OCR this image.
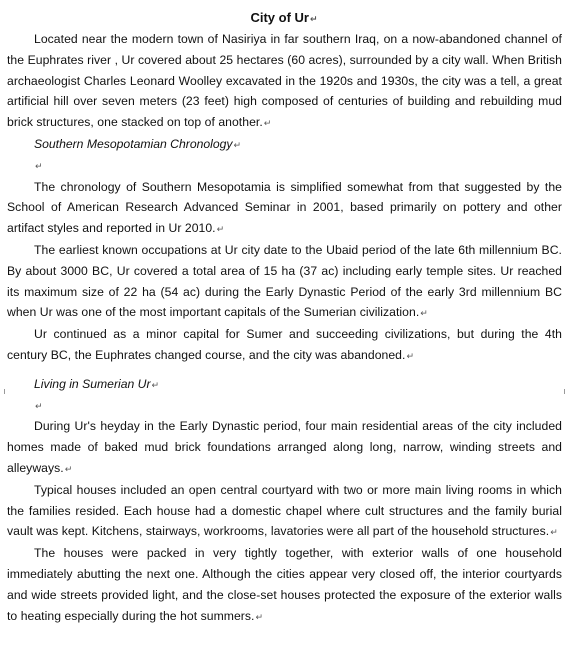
City of Ur↵
Located near the modern town of Nasiriya in far southern Iraq, on a now-abandoned channel of the Euphrates river , Ur covered about 25 hectares (60 acres), surrounded by a city wall. When British archaeologist Charles Leonard Woolley excavated in the 1920s and 1930s, the city was a tell, a great artificial hill over seven meters (23 feet) high composed of centuries of building and rebuilding mud brick structures, one stacked on top of another.↵
Southern Mesopotamian Chronology↵
↵
The chronology of Southern Mesopotamia is simplified somewhat from that suggested by the School of American Research Advanced Seminar in 2001, based primarily on pottery and other artifact styles and reported in Ur 2010.↵
The earliest known occupations at Ur city date to the Ubaid period of the late 6th millennium BC. By about 3000 BC, Ur covered a total area of 15 ha (37 ac) including early temple sites. Ur reached its maximum size of 22 ha (54 ac) during the Early Dynastic Period of the early 3rd millennium BC when Ur was one of the most important capitals of the Sumerian civilization.↵
Ur continued as a minor capital for Sumer and succeeding civilizations, but during the 4th century BC, the Euphrates changed course, and the city was abandoned.↵
Living in Sumerian Ur↵
↵
During Ur's heyday in the Early Dynastic period, four main residential areas of the city included homes made of baked mud brick foundations arranged along long, narrow, winding streets and alleyways.↵
Typical houses included an open central courtyard with two or more main living rooms in which the families resided. Each house had a domestic chapel where cult structures and the family burial vault was kept. Kitchens, stairways, workrooms, lavatories were all part of the household structures.↵
The houses were packed in very tightly together, with exterior walls of one household immediately abutting the next one. Although the cities appear very closed off, the interior courtyards and wide streets provided light, and the close-set houses protected the exposure of the exterior walls to heating especially during the hot summers.↵
